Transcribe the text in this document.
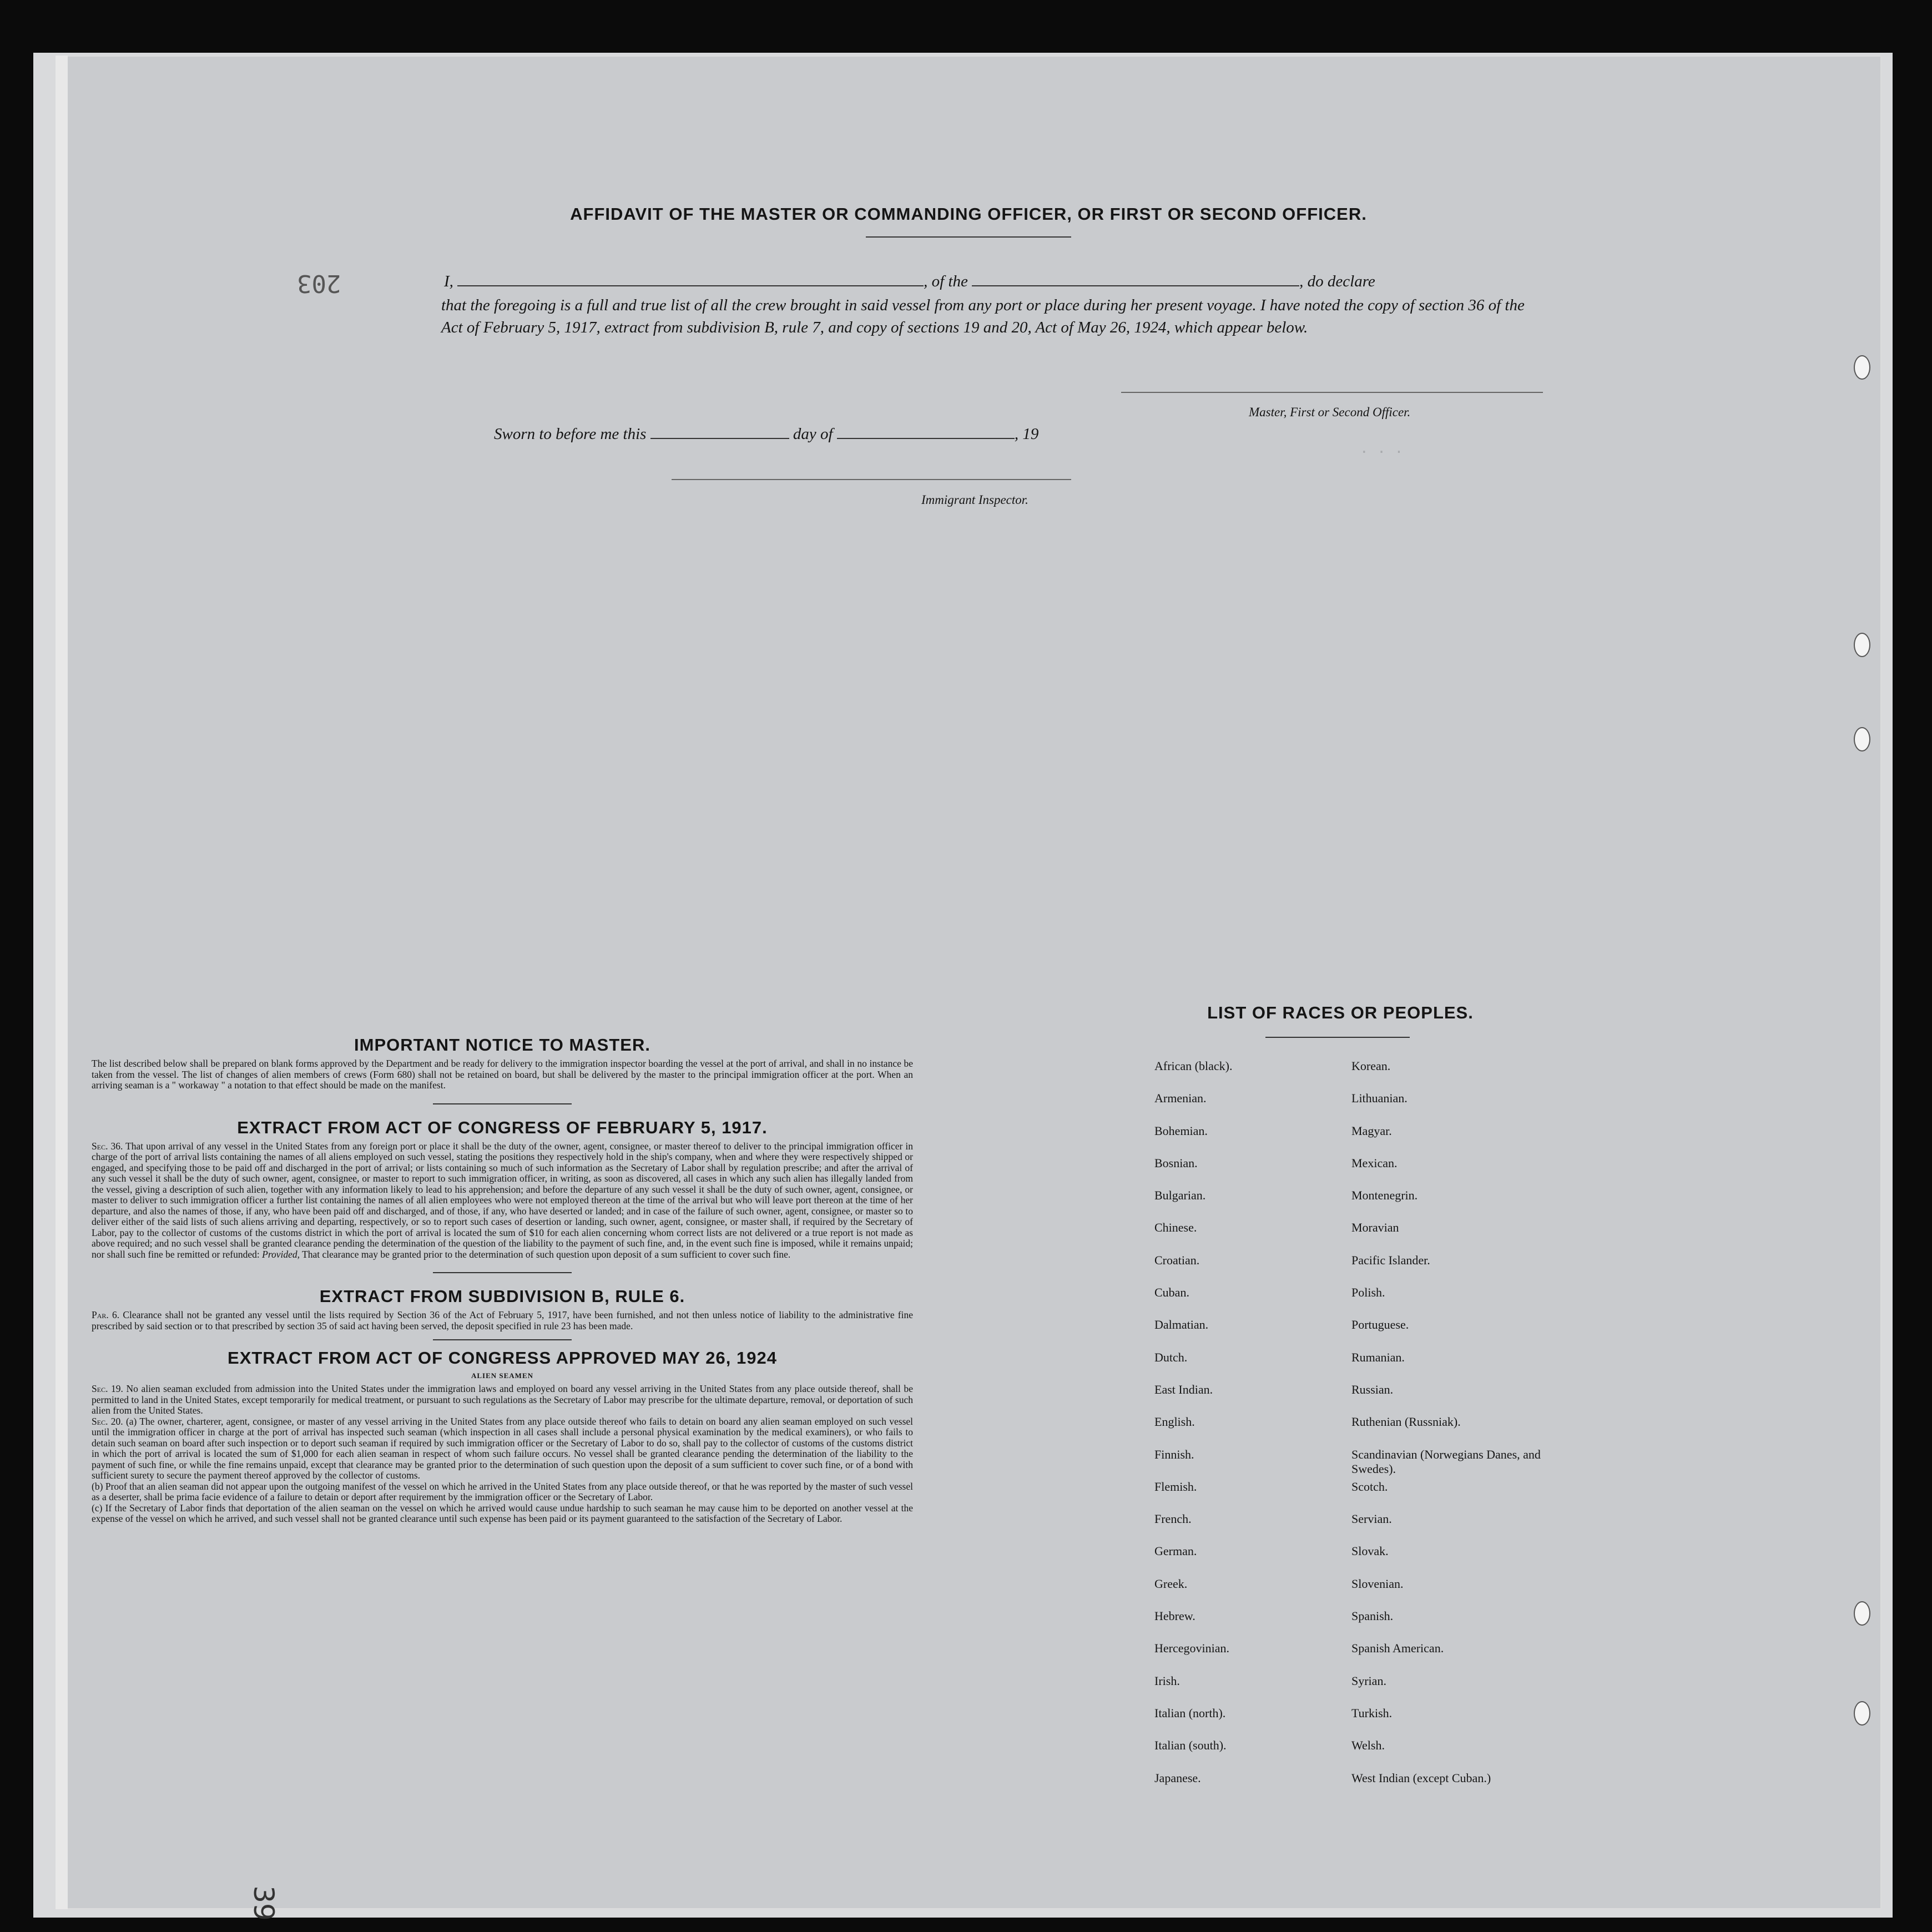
· · ·
AFFIDAVIT OF THE MASTER OR COMMANDING OFFICER, OR FIRST OR SECOND OFFICER.
I,	, of the	, do declare
that the foregoing is a full and true list of all the crew brought in said vessel from any port or place during her present voyage. I have noted the copy of section 36 of the Act of February 5, 1917, extract from subdivision B, rule 7, and copy of sections 19 and 20, Act of May 26, 1924, which appear below.
Master, First or Second Officer.
Sworn to before me this	day of	, 19
Immigrant Inspector.
IMPORTANT NOTICE TO MASTER.

The list described below shall be prepared on blank forms approved by the Department and be ready for delivery to the immigration inspector boarding the vessel at the port of arrival, and shall in no instance be taken from the vessel. The list of changes of alien members of crews (Form 680) shall not be retained on board, but shall be delivered by the master to the principal immigration officer at the port. When an arriving seaman is a " workaway " a notation to that effect should be made on the manifest.

EXTRACT FROM ACT OF CONGRESS OF FEBRUARY 5, 1917.

Sec. 36. That upon arrival of any vessel in the United States from any foreign port or place it shall be the duty of the owner, agent, consignee, or master thereof to deliver to the principal immigration officer in charge of the port of arrival lists containing the names of all aliens employed on such vessel, stating the positions they respectively hold in the ship's company, when and where they were respectively shipped or engaged, and specifying those to be paid off and discharged in the port of arrival; or lists containing so much of such information as the Secretary of Labor shall by regulation prescribe; and after the arrival of any such vessel it shall be the duty of such owner, agent, consignee, or master to report to such immigration officer, in writing, as soon as discovered, all cases in which any such alien has illegally landed from the vessel, giving a description of such alien, together with any information likely to lead to his apprehension; and before the departure of any such vessel it shall be the duty of such owner, agent, consignee, or master to deliver to such immigration officer a further list containing the names of all alien employees who were not employed thereon at the time of the arrival but who will leave port thereon at the time of her departure, and also the names of those, if any, who have been paid off and discharged, and of those, if any, who have deserted or landed; and in case of the failure of such owner, agent, consignee, or master so to deliver either of the said lists of such aliens arriving and departing, respectively, or so to report such cases of desertion or landing, such owner, agent, consignee, or master shall, if required by the Secretary of Labor, pay to the collector of customs of the customs district in which the port of arrival is located the sum of $10 for each alien concerning whom correct lists are not delivered or a true report is not made as above required; and no such vessel shall be granted clearance pending the determination of the question of the liability to the payment of such fine, and, in the event such fine is imposed, while it remains unpaid; nor shall such fine be remitted or refunded: Provided, That clearance may be granted prior to the determination of such question upon deposit of a sum sufficient to cover such fine.

EXTRACT FROM SUBDIVISION B, RULE 6.

Par. 6. Clearance shall not be granted any vessel until the lists required by Section 36 of the Act of February 5, 1917, have been furnished, and not then unless notice of liability to the administrative fine prescribed by said section or to that prescribed by section 35 of said act having been served, the deposit specified in rule 23 has been made.

EXTRACT FROM ACT OF CONGRESS APPROVED MAY 26, 1924

ALIEN SEAMEN

Sec. 19. No alien seaman excluded from admission into the United States under the immigration laws and employed on board any vessel arriving in the United States from any place outside thereof, shall be permitted to land in the United States, except temporarily for medical treatment, or pursuant to such regulations as the Secretary of Labor may prescribe for the ultimate departure, removal, or deportation of such alien from the United States.

Sec. 20. (a) The owner, charterer, agent, consignee, or master of any vessel arriving in the United States from any place outside thereof who fails to detain on board any alien seaman employed on such vessel until the immigration officer in charge at the port of arrival has inspected such seaman (which inspection in all cases shall include a personal physical examination by the medical examiners), or who fails to detain such seaman on board after such inspection or to deport such seaman if required by such immigration officer or the Secretary of Labor to do so, shall pay to the collector of customs of the customs district in which the port of arrival is located the sum of $1,000 for each alien seaman in respect of whom such failure occurs. No vessel shall be granted clearance pending the determination of the liability to the payment of such fine, or while the fine remains unpaid, except that clearance may be granted prior to the determination of such question upon the deposit of a sum sufficient to cover such fine, or of a bond with sufficient surety to secure the payment thereof approved by the collector of customs.

(b) Proof that an alien seaman did not appear upon the outgoing manifest of the vessel on which he arrived in the United States from any place outside thereof, or that he was reported by the master of such vessel as a deserter, shall be prima facie evidence of a failure to detain or deport after requirement by the immigration officer or the Secretary of Labor.

(c) If the Secretary of Labor finds that deportation of the alien seaman on the vessel on which he arrived would cause undue hardship to such seaman he may cause him to be deported on another vessel at the expense of the vessel on which he arrived, and such vessel shall not be granted clearance until such expense has been paid or its payment guaranteed to the satisfaction of the Secretary of Labor.

LIST OF RACES OR PEOPLES.
African (black).	Korean.
Armenian.	Lithuanian.
Bohemian.	Magyar.
Bosnian.	Mexican.
Bulgarian.	Montenegrin.
Chinese.	Moravian
Croatian.	Pacific Islander.
Cuban.	Polish.
Dalmatian.	Portuguese.
Dutch.	Rumanian.
East Indian.	Russian.
English.	Ruthenian (Russniak).
Finnish.	Scandinavian (Norwegians Danes, and Swedes).
Flemish.	Scotch.
French.	Servian.
German.	Slovak.
Greek.	Slovenian.
Hebrew.	Spanish.
Hercegovinian.	Spanish American.
Irish.	Syrian.
Italian (north).	Turkish.
Italian (south).	Welsh.
Japanese.	West Indian (except Cuban.)
203
39
